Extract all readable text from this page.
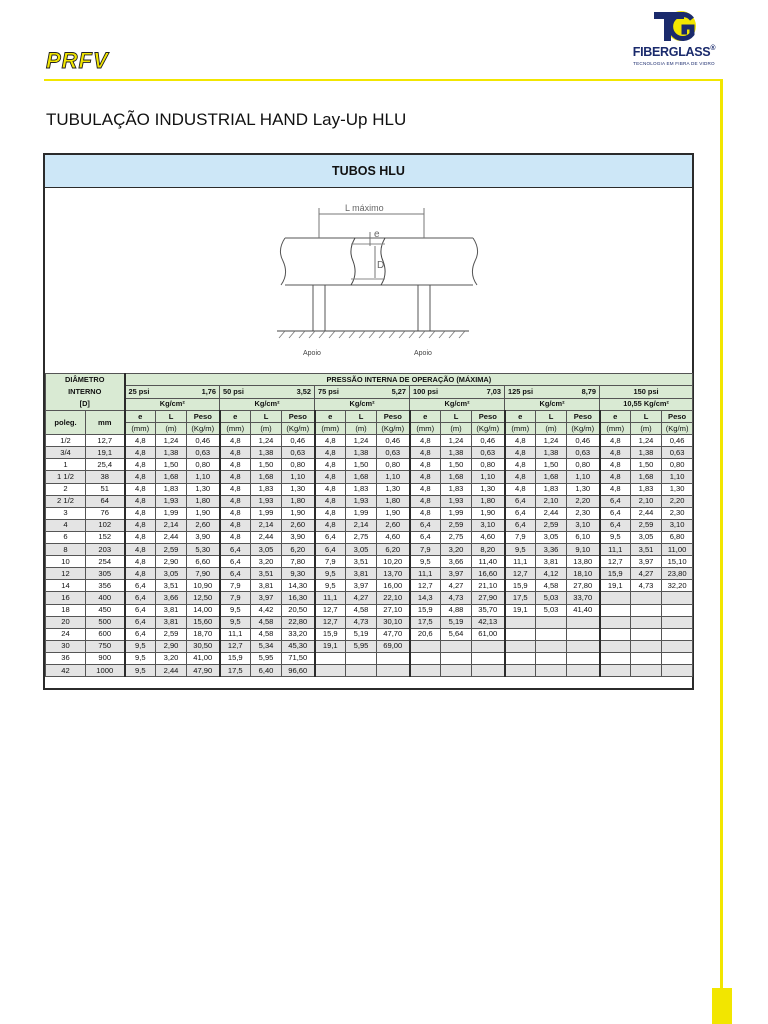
PRFV	FIBERGLASS®
TECNOLOGIA EM FIBRA DE VIDRO
TUBULAÇÃO INDUSTRIAL HAND Lay-Up HLU
TUBOS HLU
L máximo
e
D
Apoio	Apoio
DIÂMETRO
INTERNO
[D]		PRESSÃO INTERNA DE OPERAÇÃO (MÁXIMA)																	

		25 psi 1,76			50 psi 3,52			75 psi 5,27			100 psi 7,03			125 psi 8,79			150 psi		
		Kg/cm²			Kg/cm²			Kg/cm²			Kg/cm²			Kg/cm²			10,55 Kg/cm²		
poleg.	mm	e	L	Peso	e	L	Peso	e	L	Peso	e	L	Peso	e	L	Peso	e	L	Peso
		(mm)	(m)	(Kg/m)	(mm)	(m)	(Kg/m)	(mm)	(m)	(Kg/m)	(mm)	(m)	(Kg/m)	(mm)	(m)	(Kg/m)	(mm)	(m)	(Kg/m)
1/2	12,7	4,8	1,24	0,46	4,8	1,24	0,46	4,8	1,24	0,46	4,8	1,24	0,46	4,8	1,24	0,46	4,8	1,24	0,46
3/4	19,1	4,8	1,38	0,63	4,8	1,38	0,63	4,8	1,38	0,63	4,8	1,38	0,63	4,8	1,38	0,63	4,8	1,38	0,63
1	25,4	4,8	1,50	0,80	4,8	1,50	0,80	4,8	1,50	0,80	4,8	1,50	0,80	4,8	1,50	0,80	4,8	1,50	0,80
1 1/2	38	4,8	1,68	1,10	4,8	1,68	1,10	4,8	1,68	1,10	4,8	1,68	1,10	4,8	1,68	1,10	4,8	1,68	1,10
2	51	4,8	1,83	1,30	4,8	1,83	1,30	4,8	1,83	1,30	4,8	1,83	1,30	4,8	1,83	1,30	4,8	1,83	1,30
2 1/2	64	4,8	1,93	1,80	4,8	1,93	1,80	4,8	1,93	1,80	4,8	1,93	1,80	6,4	2,10	2,20	6,4	2,10	2,20
3	76	4,8	1,99	1,90	4,8	1,99	1,90	4,8	1,99	1,90	4,8	1,99	1,90	6,4	2,44	2,30	6,4	2,44	2,30
4	102	4,8	2,14	2,60	4,8	2,14	2,60	4,8	2,14	2,60	6,4	2,59	3,10	6,4	2,59	3,10	6,4	2,59	3,10
6	152	4,8	2,44	3,90	4,8	2,44	3,90	6,4	2,75	4,60	6,4	2,75	4,60	7,9	3,05	6,10	9,5	3,05	6,80
8	203	4,8	2,59	5,30	6,4	3,05	6,20	6,4	3,05	6,20	7,9	3,20	8,20	9,5	3,36	9,10	11,1	3,51	11,00
10	254	4,8	2,90	6,60	6,4	3,20	7,80	7,9	3,51	10,20	9,5	3,66	11,40	11,1	3,81	13,80	12,7	3,97	15,10
12	305	4,8	3,05	7,90	6,4	3,51	9,30	9,5	3,81	13,70	11,1	3,97	16,60	12,7	4,12	18,10	15,9	4,27	23,80
14	356	6,4	3,51	10,90	7,9	3,81	14,30	9,5	3,97	16,00	12,7	4,27	21,10	15,9	4,58	27,80	19,1	4,73	32,20
16	400	6,4	3,66	12,50	7,9	3,97	16,30	11,1	4,27	22,10	14,3	4,73	27,90	17,5	5,03	33,70			
18	450	6,4	3,81	14,00	9,5	4,42	20,50	12,7	4,58	27,10	15,9	4,88	35,70	19,1	5,03	41,40			
20	500	6,4	3,81	15,60	9,5	4,58	22,80	12,7	4,73	30,10	17,5	5,19	42,13						
24	600	6,4	2,59	18,70	11,1	4,58	33,20	15,9	5,19	47,70	20,6	5,64	61,00						
30	750	9,5	2,90	30,50	12,7	5,34	45,30	19,1	5,95	69,00									
36	900	9,5	3,20	41,00	15,9	5,95	71,50												
42	1000	9,5	2,44	47,90	17,5	6,40	96,60												
